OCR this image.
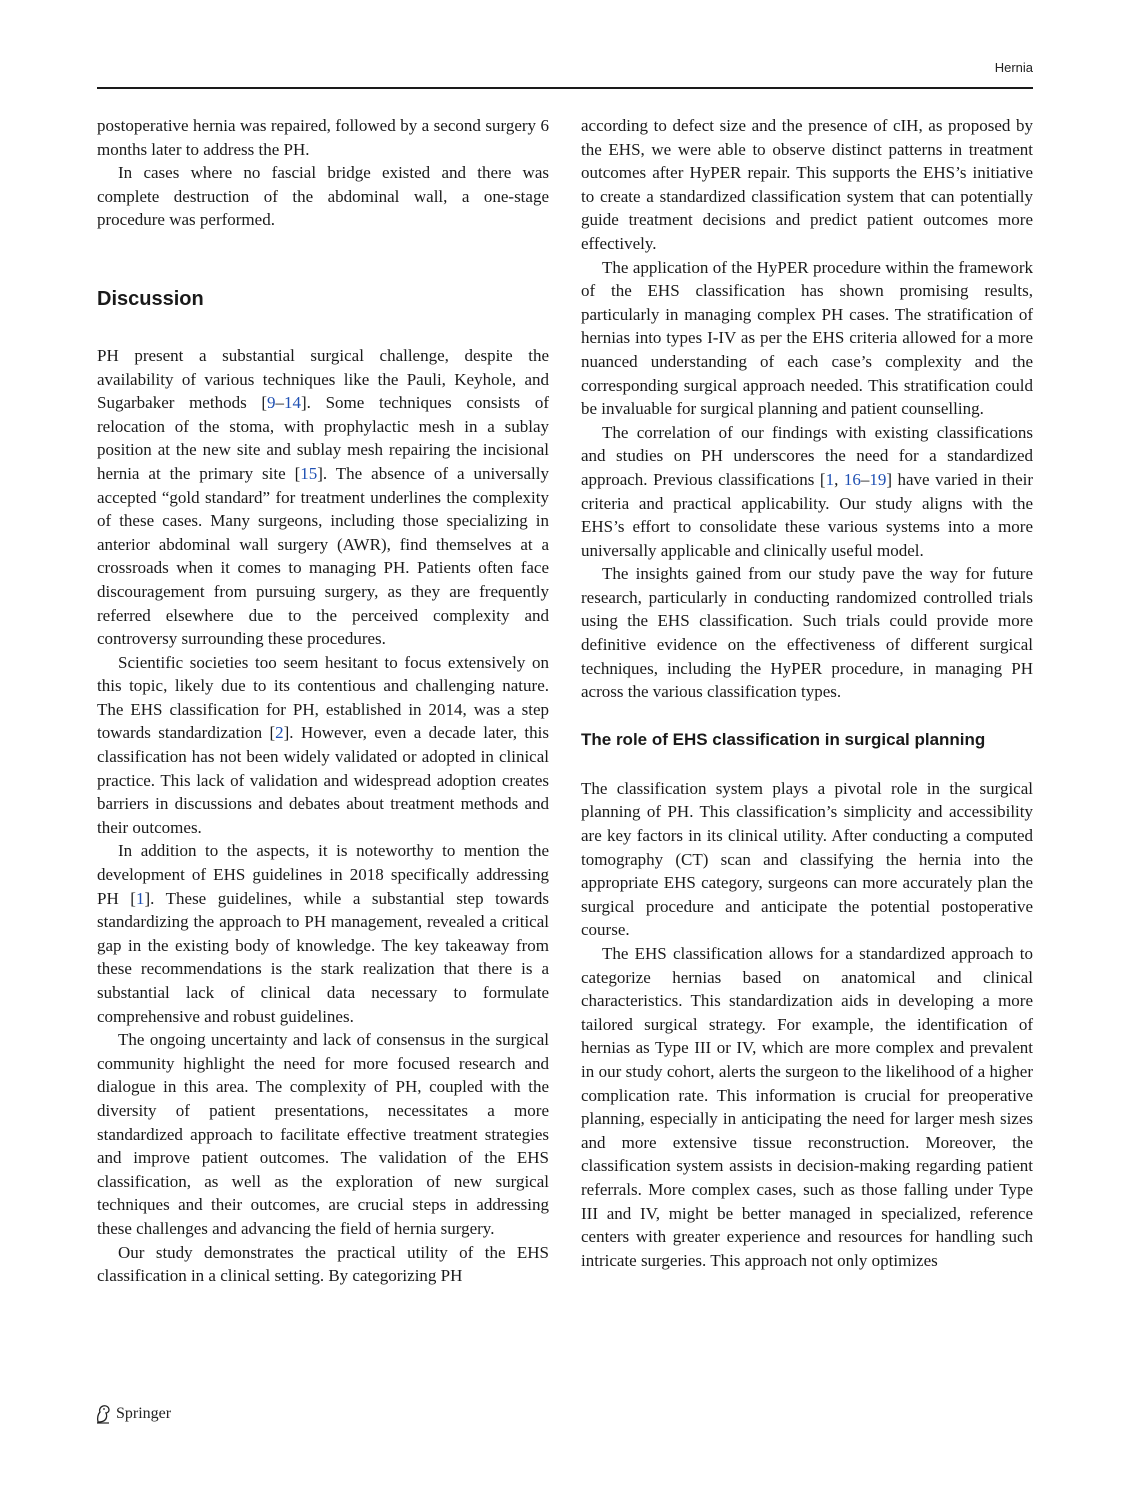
Hernia

postoperative hernia was repaired, followed by a second surgery 6 months later to address the PH.

In cases where no fascial bridge existed and there was complete destruction of the abdominal wall, a one-stage procedure was performed.

Discussion

PH present a substantial surgical challenge, despite the availability of various techniques like the Pauli, Keyhole, and Sugarbaker methods [9–14]. Some techniques consists of relocation of the stoma, with prophylactic mesh in a sublay position at the new site and sublay mesh repairing the incisional hernia at the primary site [15]. The absence of a universally accepted “gold standard” for treatment underlines the complexity of these cases. Many surgeons, including those specializing in anterior abdominal wall surgery (AWR), find themselves at a crossroads when it comes to managing PH. Patients often face discouragement from pursuing surgery, as they are frequently referred elsewhere due to the perceived complexity and controversy surrounding these procedures.

Scientific societies too seem hesitant to focus extensively on this topic, likely due to its contentious and challenging nature. The EHS classification for PH, established in 2014, was a step towards standardization [2]. However, even a decade later, this classification has not been widely validated or adopted in clinical practice. This lack of validation and widespread adoption creates barriers in discussions and debates about treatment methods and their outcomes.

In addition to the aspects, it is noteworthy to mention the development of EHS guidelines in 2018 specifically addressing PH [1]. These guidelines, while a substantial step towards standardizing the approach to PH management, revealed a critical gap in the existing body of knowledge. The key takeaway from these recommendations is the stark realization that there is a substantial lack of clinical data necessary to formulate comprehensive and robust guidelines.

The ongoing uncertainty and lack of consensus in the surgical community highlight the need for more focused research and dialogue in this area. The complexity of PH, coupled with the diversity of patient presentations, necessitates a more standardized approach to facilitate effective treatment strategies and improve patient outcomes. The validation of the EHS classification, as well as the exploration of new surgical techniques and their outcomes, are crucial steps in addressing these challenges and advancing the field of hernia surgery.

Our study demonstrates the practical utility of the EHS classification in a clinical setting. By categorizing PH

according to defect size and the presence of cIH, as proposed by the EHS, we were able to observe distinct patterns in treatment outcomes after HyPER repair. This supports the EHS’s initiative to create a standardized classification system that can potentially guide treatment decisions and predict patient outcomes more effectively.

The application of the HyPER procedure within the framework of the EHS classification has shown promising results, particularly in managing complex PH cases. The stratification of hernias into types I-IV as per the EHS criteria allowed for a more nuanced understanding of each case’s complexity and the corresponding surgical approach needed. This stratification could be invaluable for surgical planning and patient counselling.

The correlation of our findings with existing classifications and studies on PH underscores the need for a standardized approach. Previous classifications [1, 16–19] have varied in their criteria and practical applicability. Our study aligns with the EHS’s effort to consolidate these various systems into a more universally applicable and clinically useful model.

The insights gained from our study pave the way for future research, particularly in conducting randomized controlled trials using the EHS classification. Such trials could provide more definitive evidence on the effectiveness of different surgical techniques, including the HyPER procedure, in managing PH across the various classification types.

The role of EHS classification in surgical planning

The classification system plays a pivotal role in the surgical planning of PH. This classification’s simplicity and accessibility are key factors in its clinical utility. After conducting a computed tomography (CT) scan and classifying the hernia into the appropriate EHS category, surgeons can more accurately plan the surgical procedure and anticipate the potential postoperative course.

The EHS classification allows for a standardized approach to categorize hernias based on anatomical and clinical characteristics. This standardization aids in developing a more tailored surgical strategy. For example, the identification of hernias as Type III or IV, which are more complex and prevalent in our study cohort, alerts the surgeon to the likelihood of a higher complication rate. This information is crucial for preoperative planning, especially in anticipating the need for larger mesh sizes and more extensive tissue reconstruction. Moreover, the classification system assists in decision-making regarding patient referrals. More complex cases, such as those falling under Type III and IV, might be better managed in specialized, reference centers with greater experience and resources for handling such intricate surgeries. This approach not only optimizes

Springer
